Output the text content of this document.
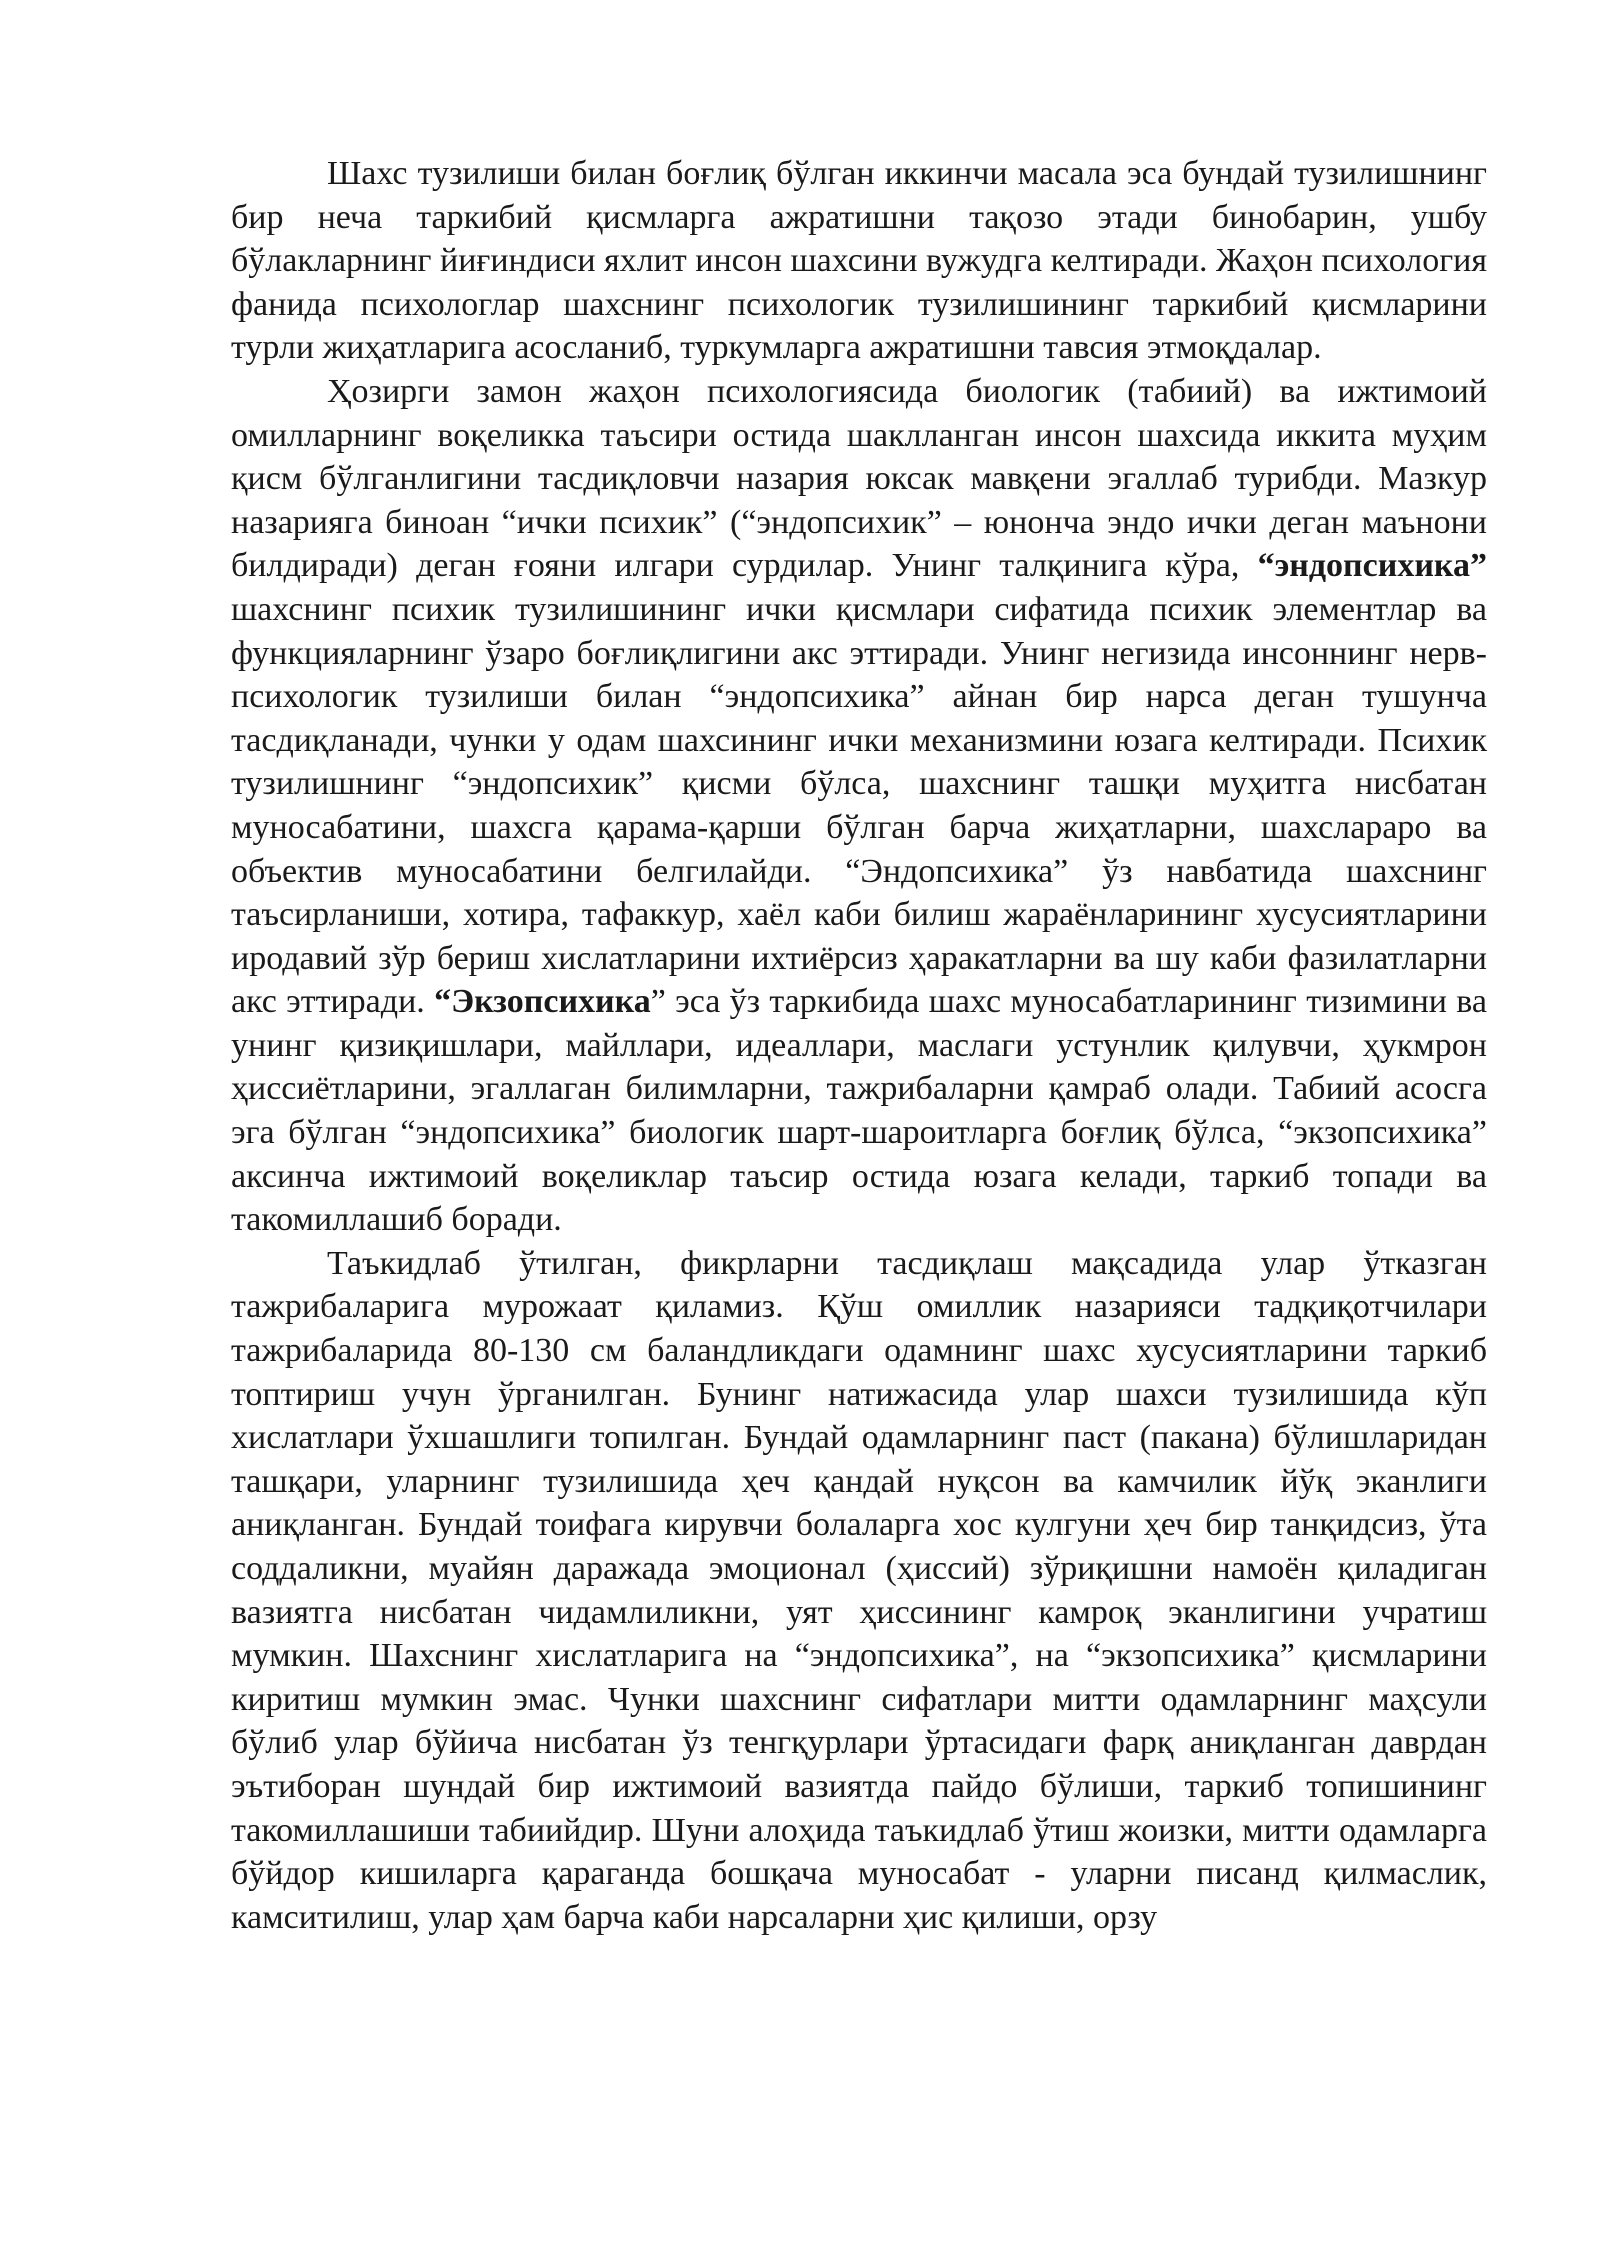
Шахс тузилиши билан боғлиқ бўлган иккинчи масала эса бундай тузилишнинг бир неча таркибий қисмларга ажратишни тақозо этади бинобарин, ушбу бўлакларнинг йиғиндиси яхлит инсон шахсини вужудга келтиради. Жаҳон психология фанида психологлар шахснинг психологик тузилишининг таркибий қисмларини турли жиҳатларига асосланиб, туркумларга ажратишни тавсия этмоқдалар.

Ҳозирги замон жаҳон психологиясида биологик (табиий) ва ижтимоий омилларнинг воқеликка таъсири остида шаклланган инсон шахсида иккита муҳим қисм бўлганлигини тасдиқловчи назария юксак мавқени эгаллаб турибди. Мазкур назарияга биноан “ички психик” (“эндопсихик” – юнонча эндо ички деган маънони билдиради) деган ғояни илгари сурдилар. Унинг талқинига кўра, “эндопсихика” шахснинг психик тузилишининг ички қисмлари сифатида психик элементлар ва функцияларнинг ўзаро боғлиқлигини акс эттиради. Унинг негизида инсоннинг нерв-психологик тузилиши билан “эндопсихика” айнан бир нарса деган тушунча тасдиқланади, чунки у одам шахсининг ички механизмини юзага келтиради. Психик тузилишнинг “эндопсихик” қисми бўлса, шахснинг ташқи муҳитга нисбатан муносабатини, шахсга қарама-қарши бўлган барча жиҳатларни, шахслараро ва объектив муносабатини белгилайди. “Эндопсихика” ўз навбатида шахснинг таъсирланиши, хотира, тафаккур, хаёл каби билиш жараёнларининг хусусиятларини иродавий зўр бериш хислатларини ихтиёрсиз ҳаракатларни ва шу каби фазилатларни акс эттиради. “Экзопсихика” эса ўз таркибида шахс муносабатларининг тизимини ва унинг қизиқишлари, майллари, идеаллари, маслаги устунлик қилувчи, ҳукмрон ҳиссиётларини, эгаллаган билимларни, тажрибаларни қамраб олади. Табиий асосга эга бўлган “эндопсихика” биологик шарт-шароитларга боғлиқ бўлса, “экзопсихика” аксинча ижтимоий воқеликлар таъсир остида юзага келади, таркиб топади ва такомиллашиб боради.

Таъкидлаб ўтилган, фикрларни тасдиқлаш мақсадида улар ўтказган тажрибаларига мурожаат қиламиз. Қўш омиллик назарияси тадқиқотчилари тажрибаларида 80-130 см баландликдаги одамнинг шахс хусусиятларини таркиб топтириш учун ўрганилган. Бунинг натижасида улар шахси тузилишида кўп хислатлари ўхшашлиги топилган. Бундай одамларнинг паст (пакана) бўлишларидан ташқари, уларнинг тузилишида ҳеч қандай нуқсон ва камчилик йўқ эканлиги аниқланган. Бундай тоифага кирувчи болаларга хос кулгуни ҳеч бир танқидсиз, ўта соддаликни, муайян даражада эмоционал (ҳиссий) зўриқишни намоён қиладиган вазиятга нисбатан чидамлиликни, уят ҳиссининг камроқ эканлигини учратиш мумкин. Шахснинг хислатларига на “эндопсихика”, на “экзопсихика” қисмларини киритиш мумкин эмас. Чунки шахснинг сифатлари митти одамларнинг маҳсули бўлиб улар бўйича нисбатан ўз тенгқурлари ўртасидаги фарқ аниқланган даврдан эътиборан шундай бир ижтимоий вазиятда пайдо бўлиши, таркиб топишининг такомиллашиши табиийдир. Шуни алоҳида таъкидлаб ўтиш жоизки, митти одамларга бўйдор кишиларга қараганда бошқача муносабат - уларни писанд қилмаслик, камситилиш, улар ҳам барча каби нарсаларни ҳис қилиши, орзу
